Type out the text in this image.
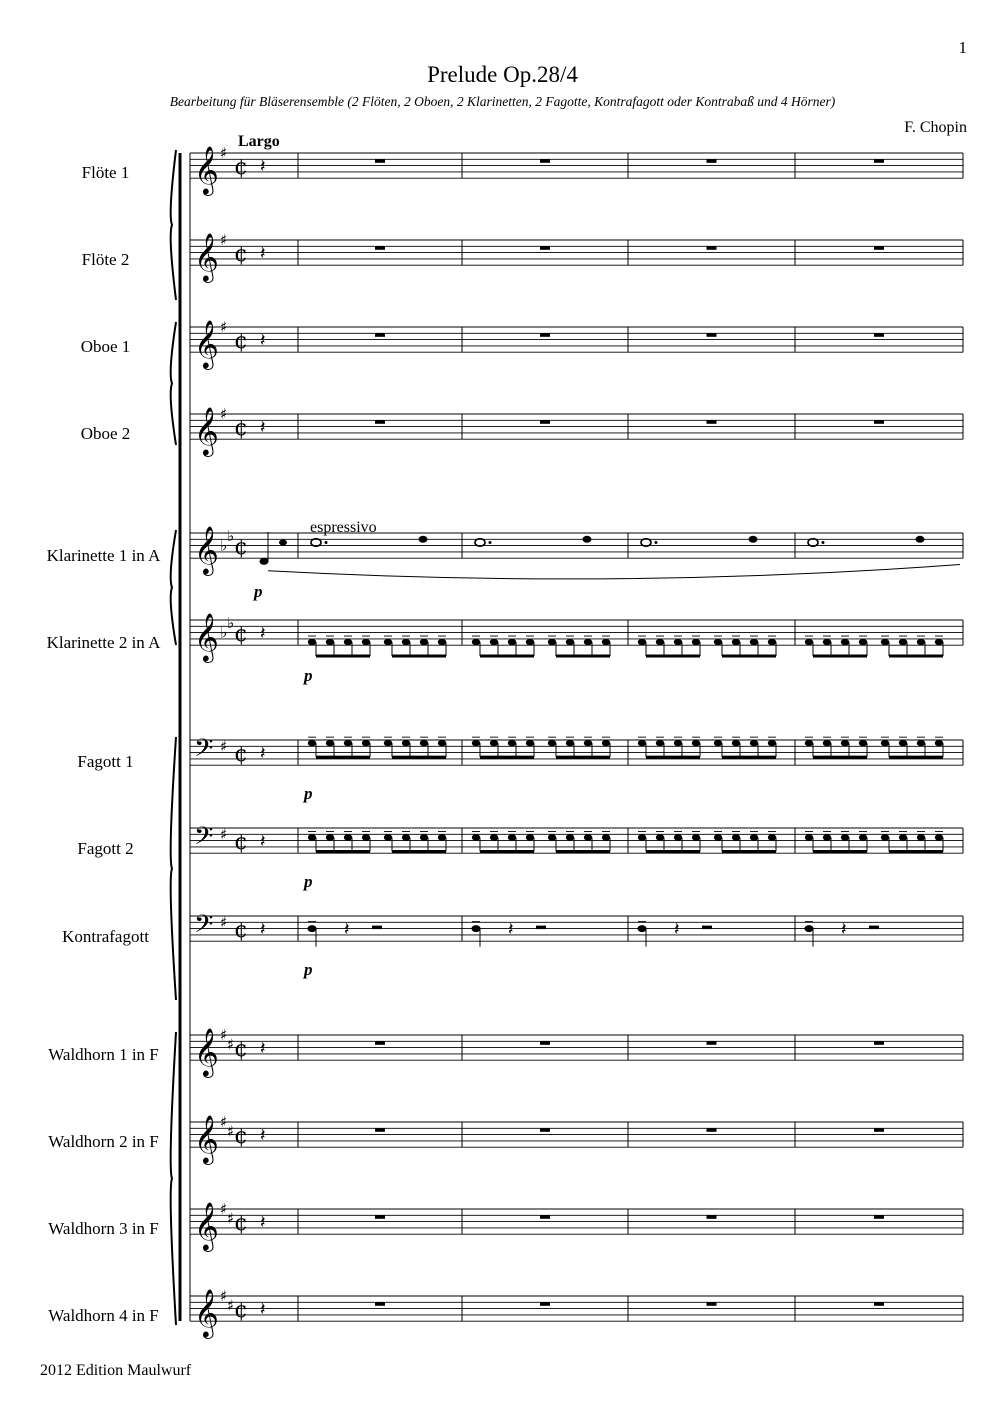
1
Prelude Op.28/4
Bearbeitung für Bläserensemble (2 Flöten, 2 Oboen, 2 Klarinetten, 2 Fagotte, Kontrafagott oder Kontrabaß und 4 Hörner)
F. Chopin
Largo
Flöte 1
Flöte 2
Oboe 1
Oboe 2
Klarinette 1 in A
Klarinette 2 in A
Fagott 1
Fagott 2
Kontrafagott
Waldhorn 1 in F
Waldhorn 2 in F
Waldhorn 3 in F
Waldhorn 4 in F
espressivo
p
p
p
p
p
2012 Edition Maulwurf
𝄞 ♯
¢
𝄞 ♯
¢
𝄞 ♯
¢
𝄞 ♯
¢
𝄞 ♭
♭ ¢
𝄞 ♭
♭ ¢
𝄢 ♯ ¢
𝄢 ♯ ¢
𝄢 ♯ ¢
𝄞 ♯
♯ ¢
𝄞 ♯
♯ ¢
𝄞 ♯
♯ ¢
𝄞 ♯
♯ ¢
𝄽
𝄽
𝄽
𝄽
𝄽
𝄽
𝄽
𝄽
𝄽
𝄽
𝄽
𝄽
𝄽	𝄽	𝄽	𝄽
